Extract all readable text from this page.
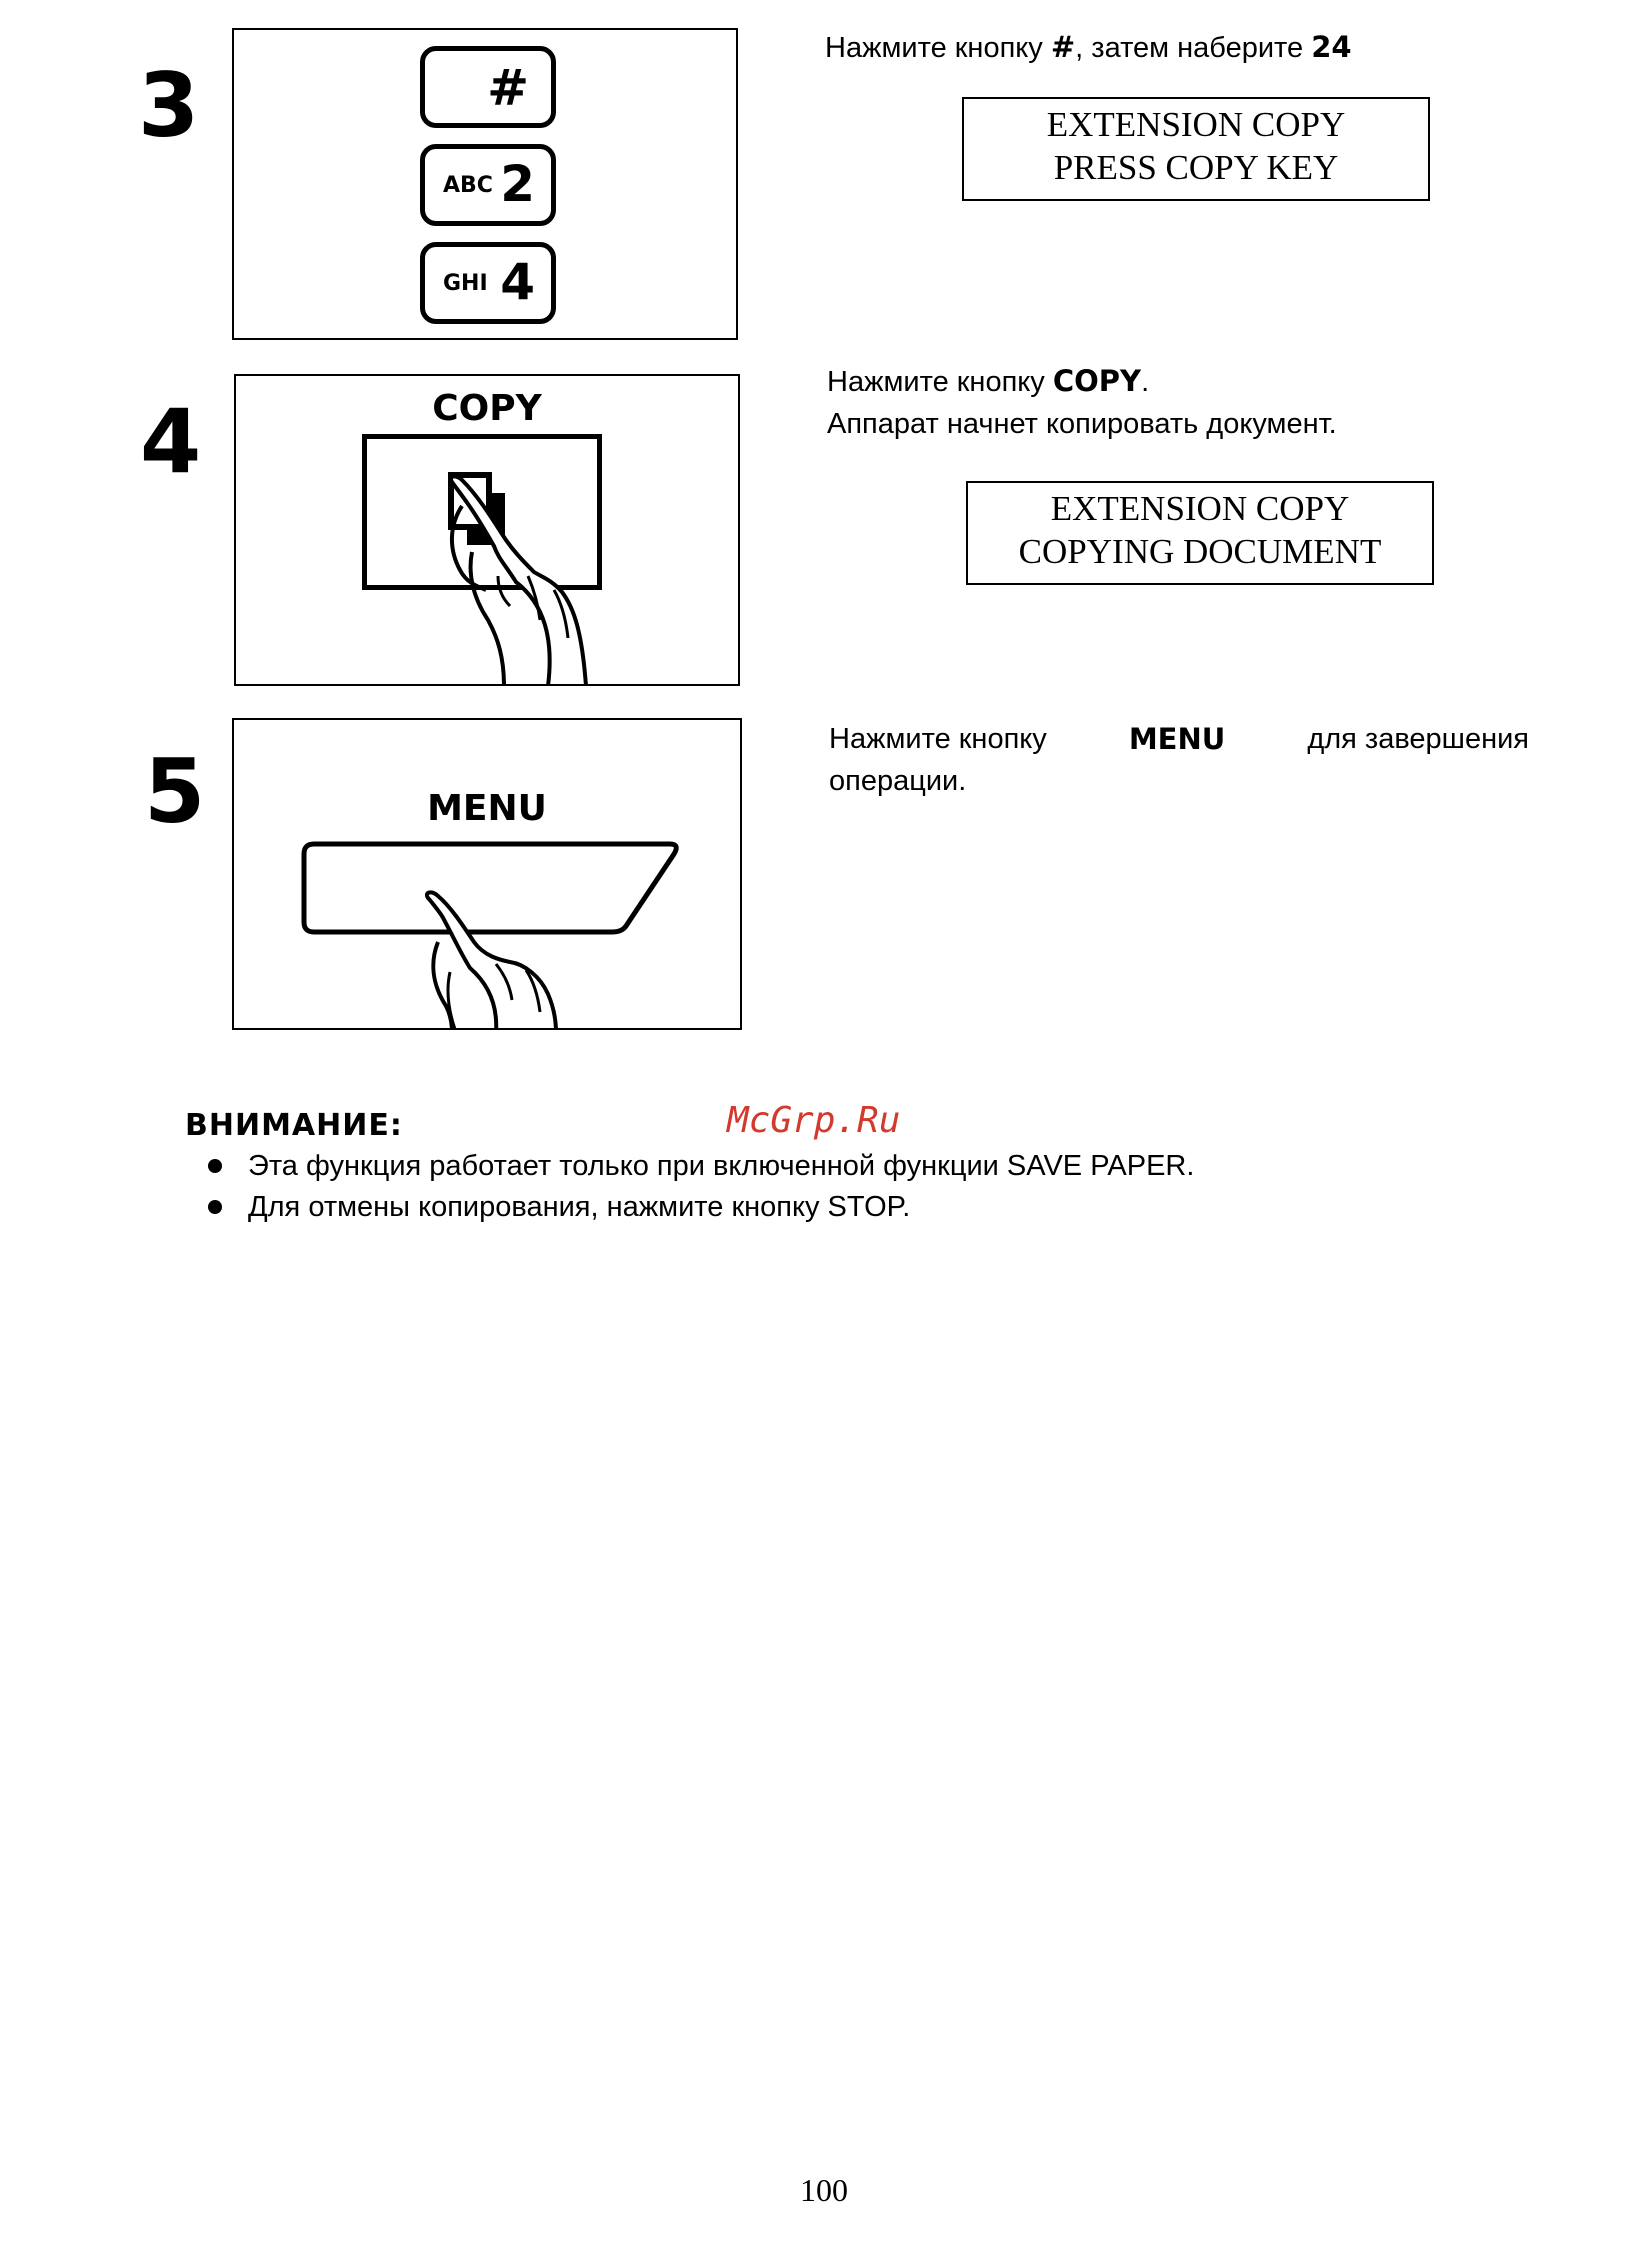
3	#
ABC 2
GHI 4
Нажмите кнопку #, затем наберите 24
EXTENSION COPY
PRESS COPY KEY
4	COPY
Нажмите кнопку COPY.
Аппарат начнет копировать документ.
EXTENSION COPY
COPYING DOCUMENT
5	MENU
Нажмите кнопку	MENU	для завершения
операции.
ВНИМАНИЕ:	McGrp.Ru
Эта функция работает только при включенной функции SAVE PAPER.
Для отмены копирования, нажмите кнопку STOP.
100
